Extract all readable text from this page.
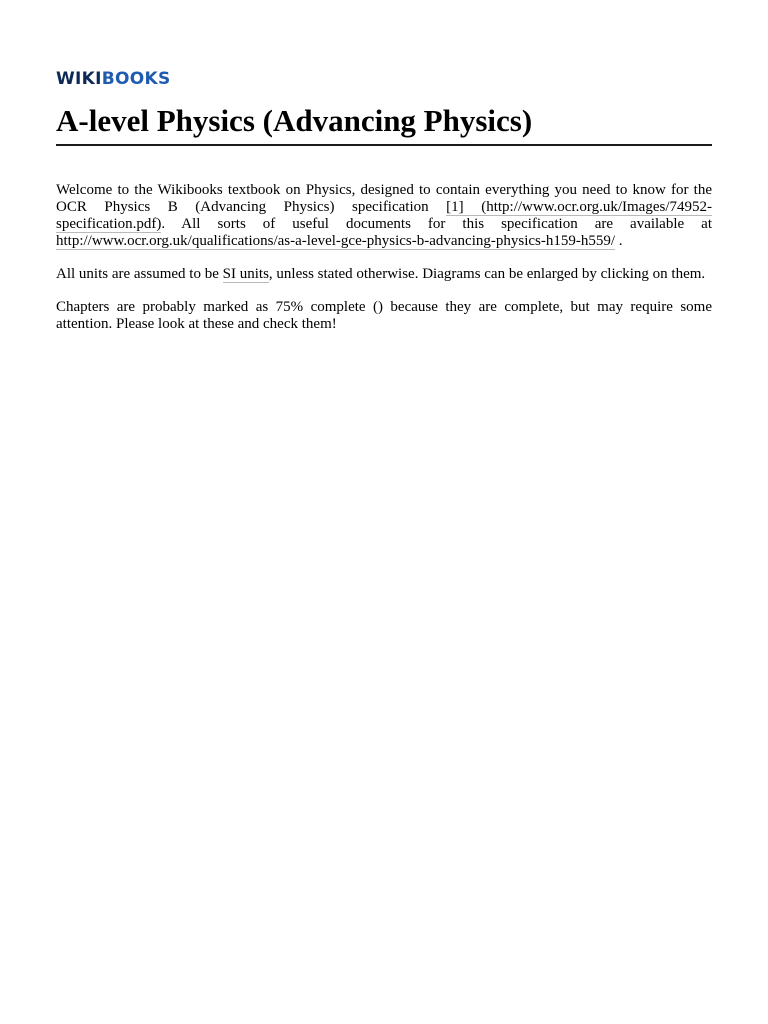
WIKIBOOKS
A-level Physics (Advancing Physics)

Welcome to the Wikibooks textbook on Physics, designed to contain everything you need to know for the OCR Physics B (Advancing Physics) specification [1] (http://www.ocr.org.uk/Images/74952-specification.pdf). All sorts of useful documents for this specification are available at http://www.ocr.org.uk/qualifications/as-a-level-gce-physics-b-advancing-physics-h159-h559/ .

All units are assumed to be SI units, unless stated otherwise. Diagrams can be enlarged by clicking on them.

Chapters are probably marked as 75% complete () because they are complete, but may require some attention. Please look at these and check them!
